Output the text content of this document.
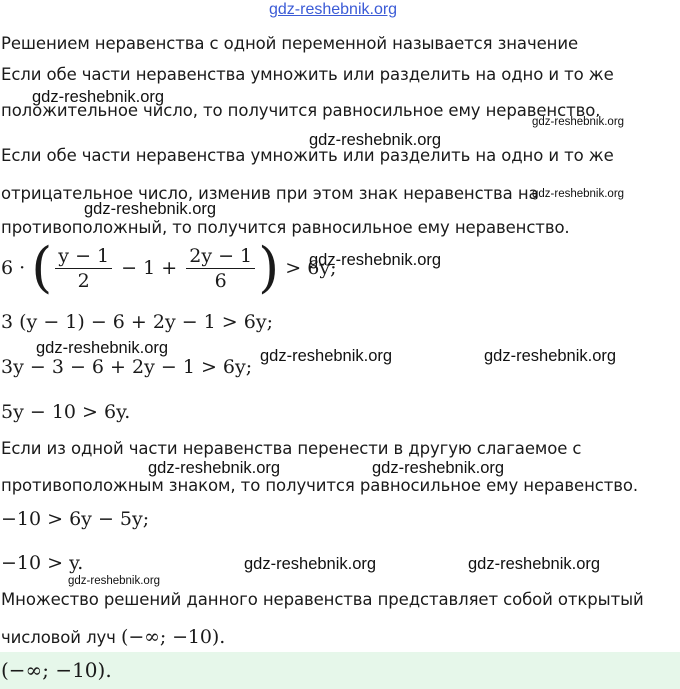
gdz-reshebnik.org
Решением неравенства с одной переменной называется значение
Если обе части неравенства умножить или разделить на одно и то же
gdz-reshebnik.org
положительное число, то получится равносильное ему неравенство.
gdz-reshebnik.org
gdz-reshebnik.org
Если обе части неравенства умножить или разделить на одно и то же
отрицательное число, изменив при этом знак неравенства на
gdz-reshebnik.org
gdz-reshebnik.org
противоположный, то получится равносильное ему неравенство.
6 · ( $\frac{y - 1}{2} - 1 + \frac{2y - 1}{6}$ ) > 6y;
gdz-reshebnik.org
3 (y − 1) − 6 + 2y − 1 > 6y;
gdz-reshebnik.org	gdz-reshebnik.org	gdz-reshebnik.org
3y − 3 − 6 + 2y − 1 > 6y;
5y − 10 > 6y.
Если из одной части неравенства перенести в другую слагаемое с
gdz-reshebnik.org	gdz-reshebnik.org
противоположным знаком, то получится равносильное ему неравенство.
−10 > 6y − 5y;
−10 > y.	gdz-reshebnik.org	gdz-reshebnik.org
gdz-reshebnik.org
Множество решений данного неравенства представляет собой открытый
числовой луч (−∞; −10).
(−∞; −10).
